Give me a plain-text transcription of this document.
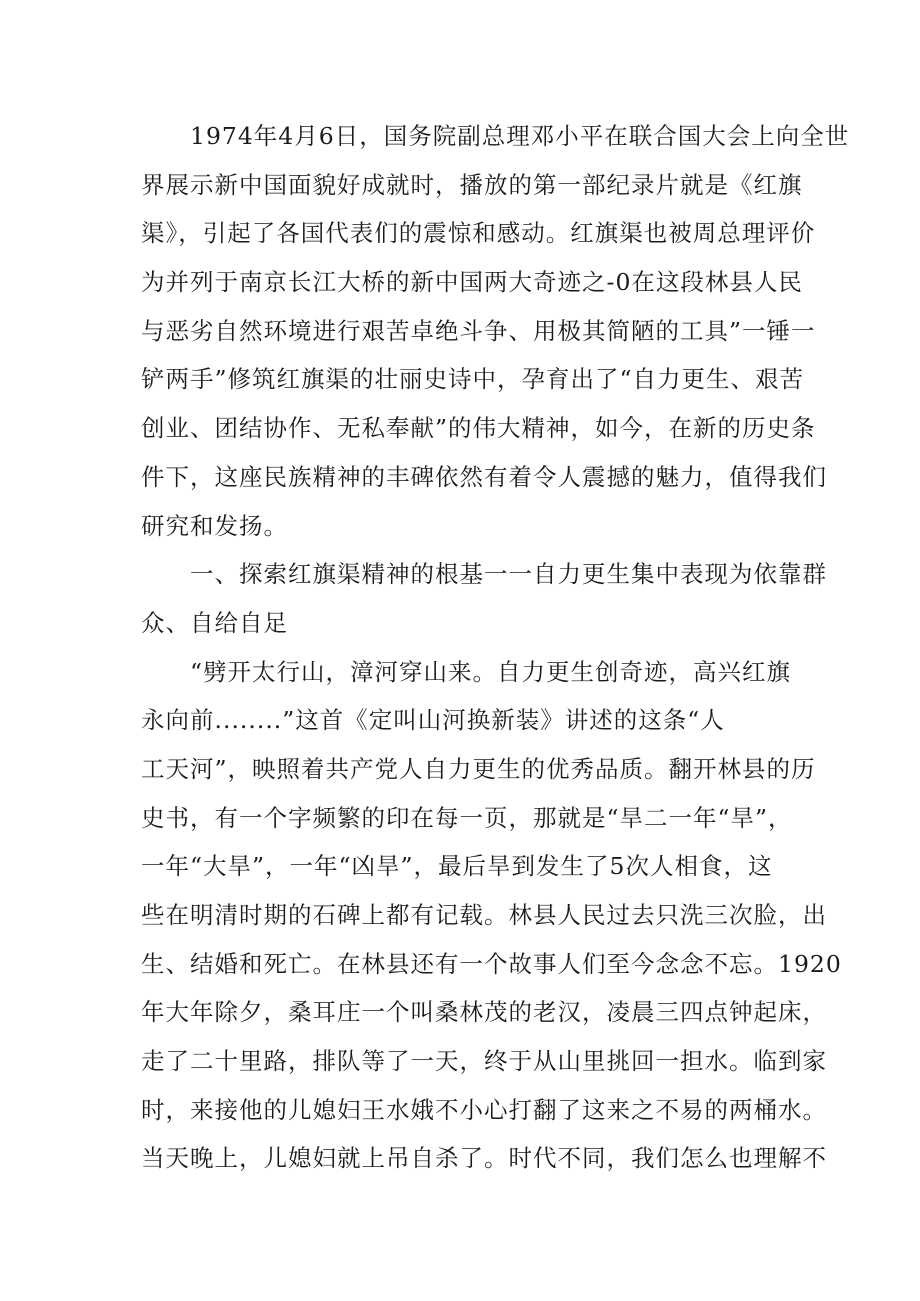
　　1974年4月6日，国务院副总理邓小平在联合国大会上向全世
界展示新中国面貌好成就时，播放的第一部纪录片就是《红旗
渠》，引起了各国代表们的震惊和感动。红旗渠也被周总理评价
为并列于南京长江大桥的新中国两大奇迹之-0在这段林县人民
与恶劣自然环境进行艰苦卓绝斗争、用极其简陋的工具”一锤一
铲两手”修筑红旗渠的壮丽史诗中，孕育出了“自力更生、艰苦
创业、团结协作、无私奉献”的伟大精神，如今，在新的历史条
件下，这座民族精神的丰碑依然有着令人震撼的魅力，值得我们
研究和发扬。
　　一、探索红旗渠精神的根基一一自力更生集中表现为依靠群
众、自给自足
　　“劈开太行山，漳河穿山来。自力更生创奇迹，高兴红旗
永向前........”这首《定叫山河换新装》讲述的这条“人
工天河”，映照着共产党人自力更生的优秀品质。翻开林县的历
史书，有一个字频繁的印在每一页，那就是“旱二一年“旱”，
一年“大旱”，一年“凶旱”，最后旱到发生了5次人相食，这
些在明清时期的石碑上都有记载。林县人民过去只洗三次脸，出
生、结婚和死亡。在林县还有一个故事人们至今念念不忘。1920
年大年除夕，桑耳庄一个叫桑林茂的老汉，凌晨三四点钟起床，
走了二十里路，排队等了一天，终于从山里挑回一担水。临到家
时，来接他的儿媳妇王水娥不小心打翻了这来之不易的两桶水。
当天晚上，儿媳妇就上吊自杀了。时代不同，我们怎么也理解不
